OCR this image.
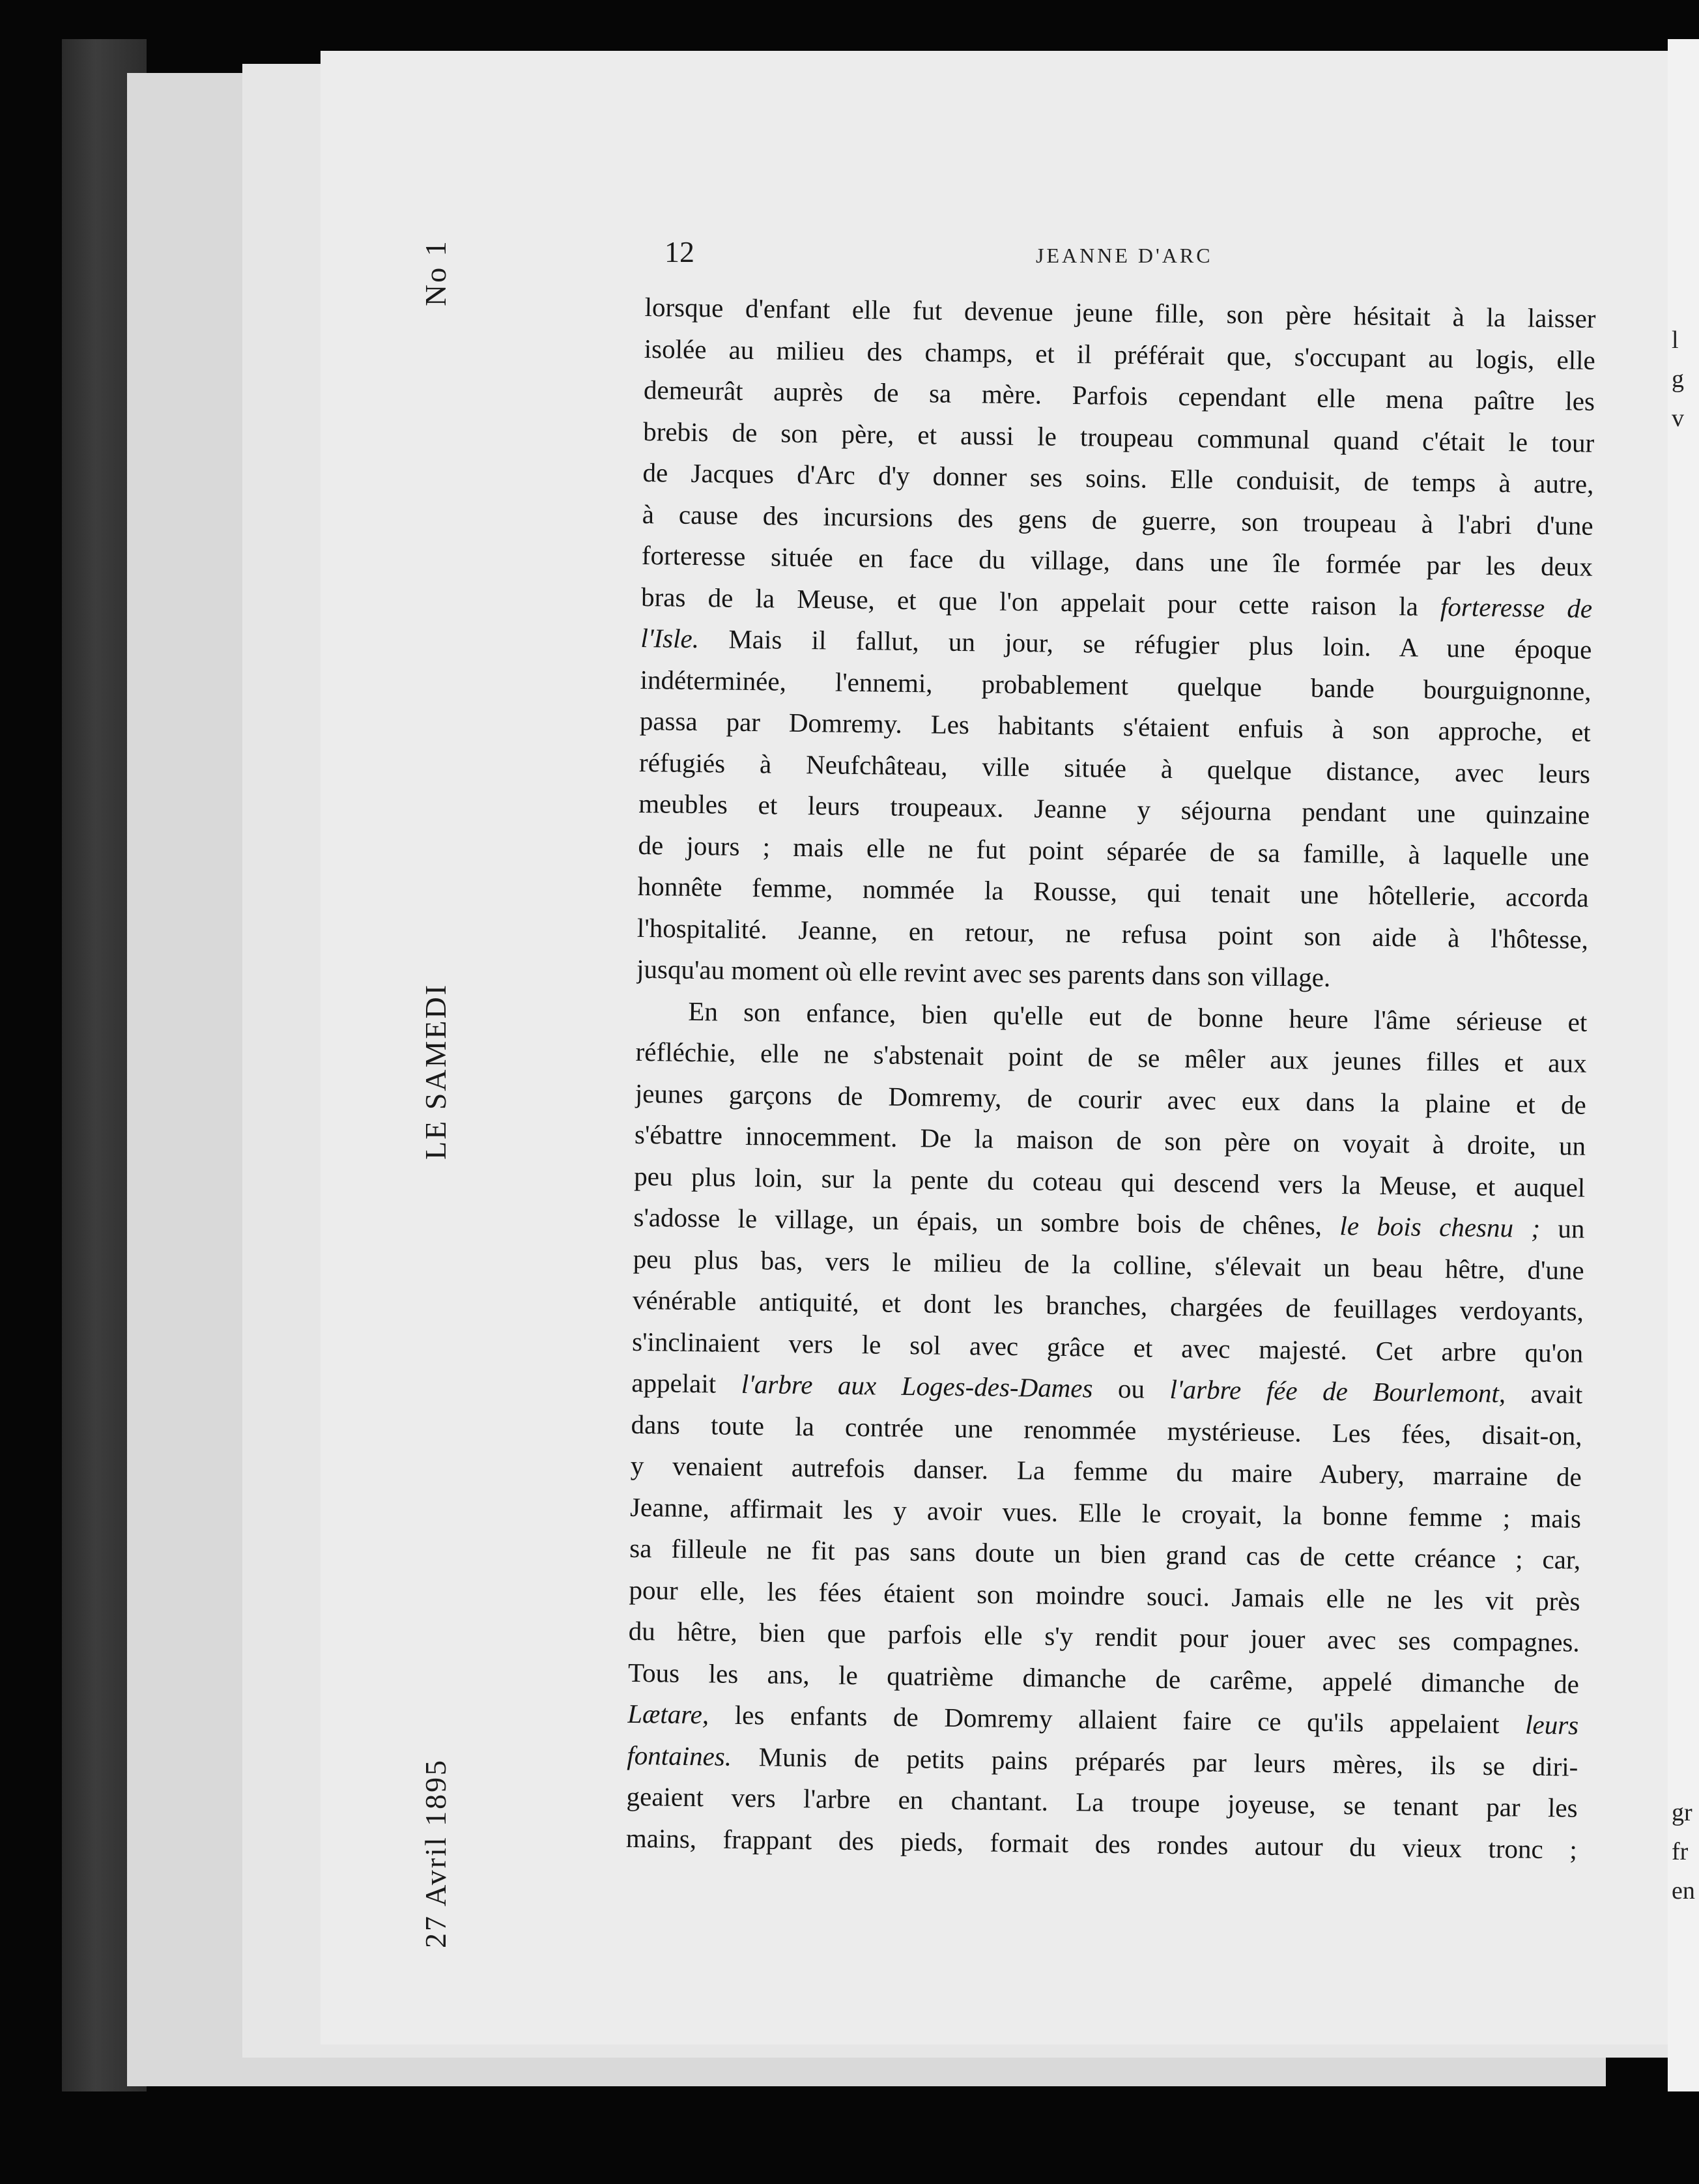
l
g
v
gr
fr
en
No 1
LE SAMEDI
27 Avril 1895
12	JEANNE D'ARC
lorsque d'enfant elle fut devenue jeune fille, son père hésitait à la laisser
isolée au milieu des champs, et il préférait que, s'occupant au logis, elle
demeurât auprès de sa mère. Parfois cependant elle mena paître les
brebis de son père, et aussi le troupeau communal quand c'était le tour
de Jacques d'Arc d'y donner ses soins. Elle conduisit, de temps à autre,
à cause des incursions des gens de guerre, son troupeau à l'abri d'une
forteresse située en face du village, dans une île formée par les deux
bras de la Meuse, et que l'on appelait pour cette raison la forteresse de
l'Isle. Mais il fallut, un jour, se réfugier plus loin. A une époque
indéterminée, l'ennemi, probablement quelque bande bourguignonne,
passa par Domremy. Les habitants s'étaient enfuis à son approche, et
réfugiés à Neufchâteau, ville située à quelque distance, avec leurs
meubles et leurs troupeaux. Jeanne y séjourna pendant une quinzaine
de jours ; mais elle ne fut point séparée de sa famille, à laquelle une
honnête femme, nommée la Rousse, qui tenait une hôtellerie, accorda
l'hospitalité. Jeanne, en retour, ne refusa point son aide à l'hôtesse,
jusqu'au moment où elle revint avec ses parents dans son village.
En son enfance, bien qu'elle eut de bonne heure l'âme sérieuse et
réfléchie, elle ne s'abstenait point de se mêler aux jeunes filles et aux
jeunes garçons de Domremy, de courir avec eux dans la plaine et de
s'ébattre innocemment. De la maison de son père on voyait à droite, un
peu plus loin, sur la pente du coteau qui descend vers la Meuse, et auquel
s'adosse le village, un épais, un sombre bois de chênes, le bois chesnu ; un
peu plus bas, vers le milieu de la colline, s'élevait un beau hêtre, d'une
vénérable antiquité, et dont les branches, chargées de feuillages verdoyants,
s'inclinaient vers le sol avec grâce et avec majesté. Cet arbre qu'on
appelait l'arbre aux Loges-des-Dames ou l'arbre fée de Bourlemont, avait
dans toute la contrée une renommée mystérieuse. Les fées, disait-on,
y venaient autrefois danser. La femme du maire Aubery, marraine de
Jeanne, affirmait les y avoir vues. Elle le croyait, la bonne femme ; mais
sa filleule ne fit pas sans doute un bien grand cas de cette créance ; car,
pour elle, les fées étaient son moindre souci. Jamais elle ne les vit près
du hêtre, bien que parfois elle s'y rendit pour jouer avec ses compagnes.
Tous les ans, le quatrième dimanche de carême, appelé dimanche de
Lætare, les enfants de Domremy allaient faire ce qu'ils appelaient leurs
fontaines. Munis de petits pains préparés par leurs mères, ils se diri-
geaient vers l'arbre en chantant. La troupe joyeuse, se tenant par les
mains, frappant des pieds, formait des rondes autour du vieux tronc ;
